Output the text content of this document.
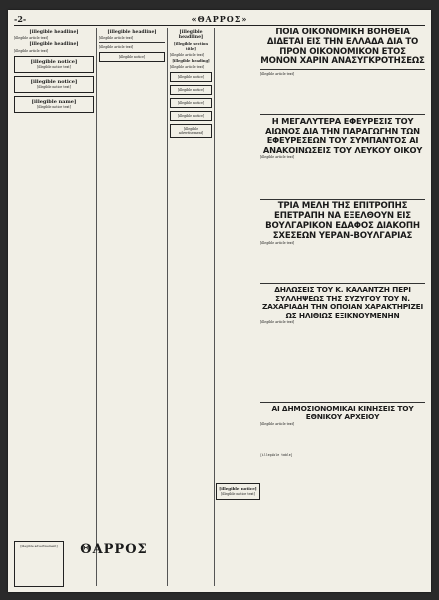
-2-	«ΘΑΡΡΟΣ»
[illegible headline]
[illegible article text]
[illegible headline]
[illegible article text]
[illegible notice]
[illegible notice text]
[illegible notice]
[illegible notice text]
[illegible name]
[illegible notice text]
[illegible headline]
[illegible article text]
[illegible article text]
[illegible notice]
[illegible headline]
[illegible section title]
[illegible article text]
[illegible heading]
[illegible article text]
[illegible notice]
[illegible notice]
[illegible notice]
[illegible notice]
[illegible advertisement]
[illegible notice]
[illegible notice text]
ΠΟΙΑ ΟΙΚΟΝΟΜΙΚΗ ΒΟΗΘΕΙΑ ΔΙΔΕΤΑΙ ΕΙΣ ΤΗΝ ΕΛΛΑΔΑ ΔΙΑ ΤΟ ΠΡΟΝ ΟΙΚΟΝΟΜΙΚΟΝ ΕΤΟΣ ΜΟΝΟΝ ΧΑΡΙΝ ΑΝΑΣΥΓΚΡΟΤΗΣΕΩΣ
[illegible article text]
Η ΜΕΓΑΛΥΤΕΡΑ ΕΦΕΥΡΕΣΙΣ ΤΟΥ ΑΙΩΝΟΣ ΔΙΑ ΤΗΝ ΠΑΡΑΓΩΓΗΝ ΤΩΝ ΕΦΕΥΡΕΣΕΩΝ ΤΟΥ ΣΥΜΠΑΝΤΟΣ ΑΙ ΑΝΑΚΟΙΝΩΣΕΙΣ ΤΟΥ ΛΕΥΚΟΥ ΟΙΚΟΥ
[illegible article text]
ΤΡΙΑ ΜΕΛΗ ΤΗΣ ΕΠΙΤΡΟΠΗΣ ΕΠΕΤΡΑΠΗ ΝΑ ΕΞΕΛΘΟΥΝ ΕΙΣ ΒΟΥΛΓΑΡΙΚΟΝ ΕΔΑΦΟΣ ΔΙΑΚΟΠΗ ΣΧΕΣΕΩΝ ΥΕΡΑΝ-ΒΟΥΛΓΑΡΙΑΣ
[illegible article text]
ΔΗΛΩΣΕΙΣ ΤΟΥ Κ. ΚΑΛΑΝΤΖΗ ΠΕΡΙ ΣΥΛΛΗΨΕΩΣ ΤΗΣ ΣΥΖΥΓΟΥ ΤΟΥ Ν. ΖΑΧΑΡΙΑΔΗ ΤΗΝ ΟΠΟΙΑΝ ΧΑΡΑΚΤΗΡΙΖΕΙ ΩΣ ΗΛΙΘΙΩΣ ΕΞΙΚΝΟΥΜΕΝΗΝ
[illegible article text]
ΑΙ ΔΗΜΟΣΙΟΝΟΜΙΚΑΙ ΚΙΝΗΣΕΙΣ ΤΟΥ ΕΘΝΙΚΟΥ ΑΡΧΕΙΟΥ
[illegible article text]
[illegible table]
[illegible advertisement]	ΘΑΡΡΟΣ
